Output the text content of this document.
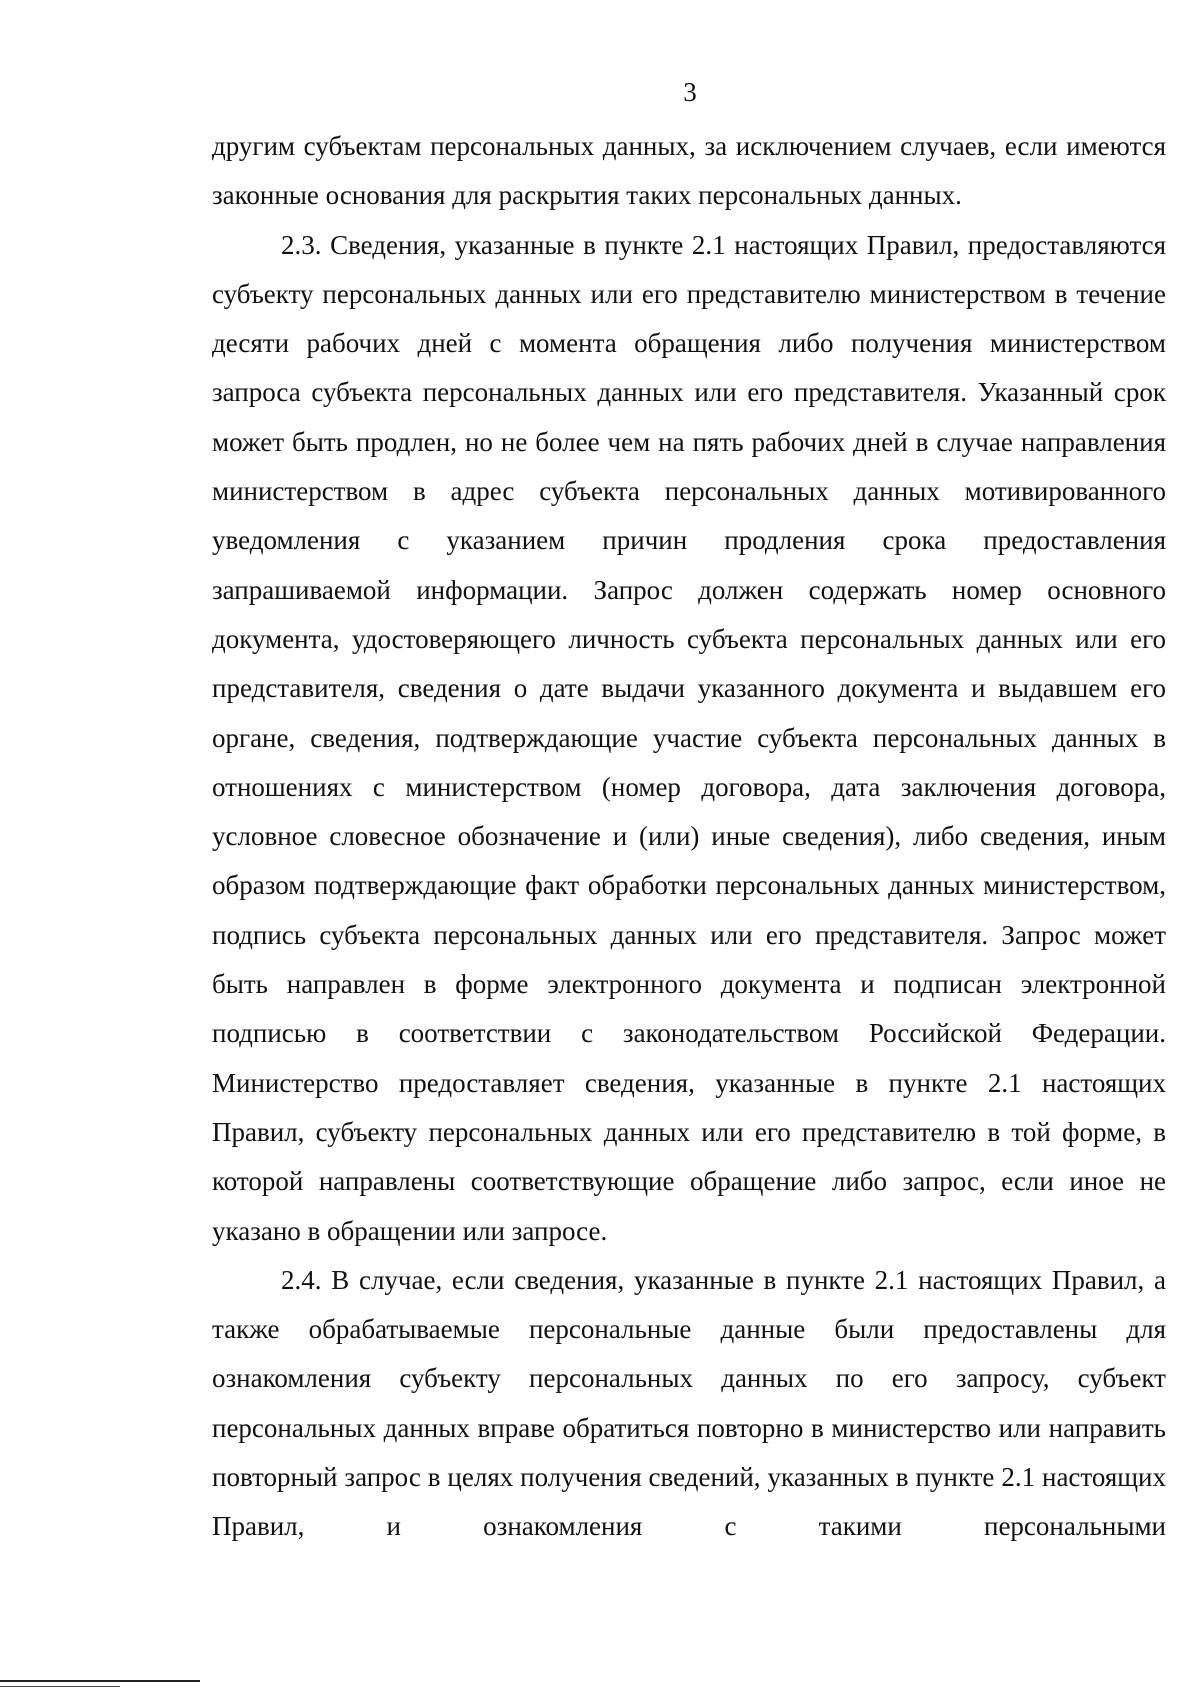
3

другим субъектам персональных данных, за исключением случаев, если имеются законные основания для раскрытия таких персональных данных.

2.3. Сведения, указанные в пункте 2.1 настоящих Правил, предоставляются субъекту персональных данных или его представителю министерством в течение десяти рабочих дней с момента обращения либо получения министерством запроса субъекта персональных данных или его представителя. Указанный срок может быть продлен, но не более чем на пять рабочих дней в случае направления министерством в адрес субъекта персональных данных мотивированного уведомления с указанием причин продления срока предоставления запрашиваемой информации. Запрос должен содержать номер основного документа, удостоверяющего личность субъекта персональных данных или его представителя, сведения о дате выдачи указанного документа и выдавшем его органе, сведения, подтверждающие участие субъекта персональных данных в отношениях с министерством (номер договора, дата заключения договора, условное словесное обозначение и (или) иные сведения), либо сведения, иным образом подтверждающие факт обработки персональных данных министерством, подпись субъекта персональных данных или его представителя. Запрос может быть направлен в форме электронного документа и подписан электронной подписью в соответствии с законодательством Российской Федерации. Министерство предоставляет сведения, указанные в пункте 2.1 настоящих Правил, субъекту персональных данных или его представителю в той форме, в которой направлены соответствующие обращение либо запрос, если иное не указано в обращении или запросе.

2.4. В случае, если сведения, указанные в пункте 2.1 настоящих Правил, а также обрабатываемые персональные данные были предоставлены для ознакомления субъекту персональных данных по его запросу, субъект персональных данных вправе обратиться повторно в министерство или направить повторный запрос в целях получения сведений, указанных в пункте 2.1 настоящих Правил, и ознакомления с такими персональными
